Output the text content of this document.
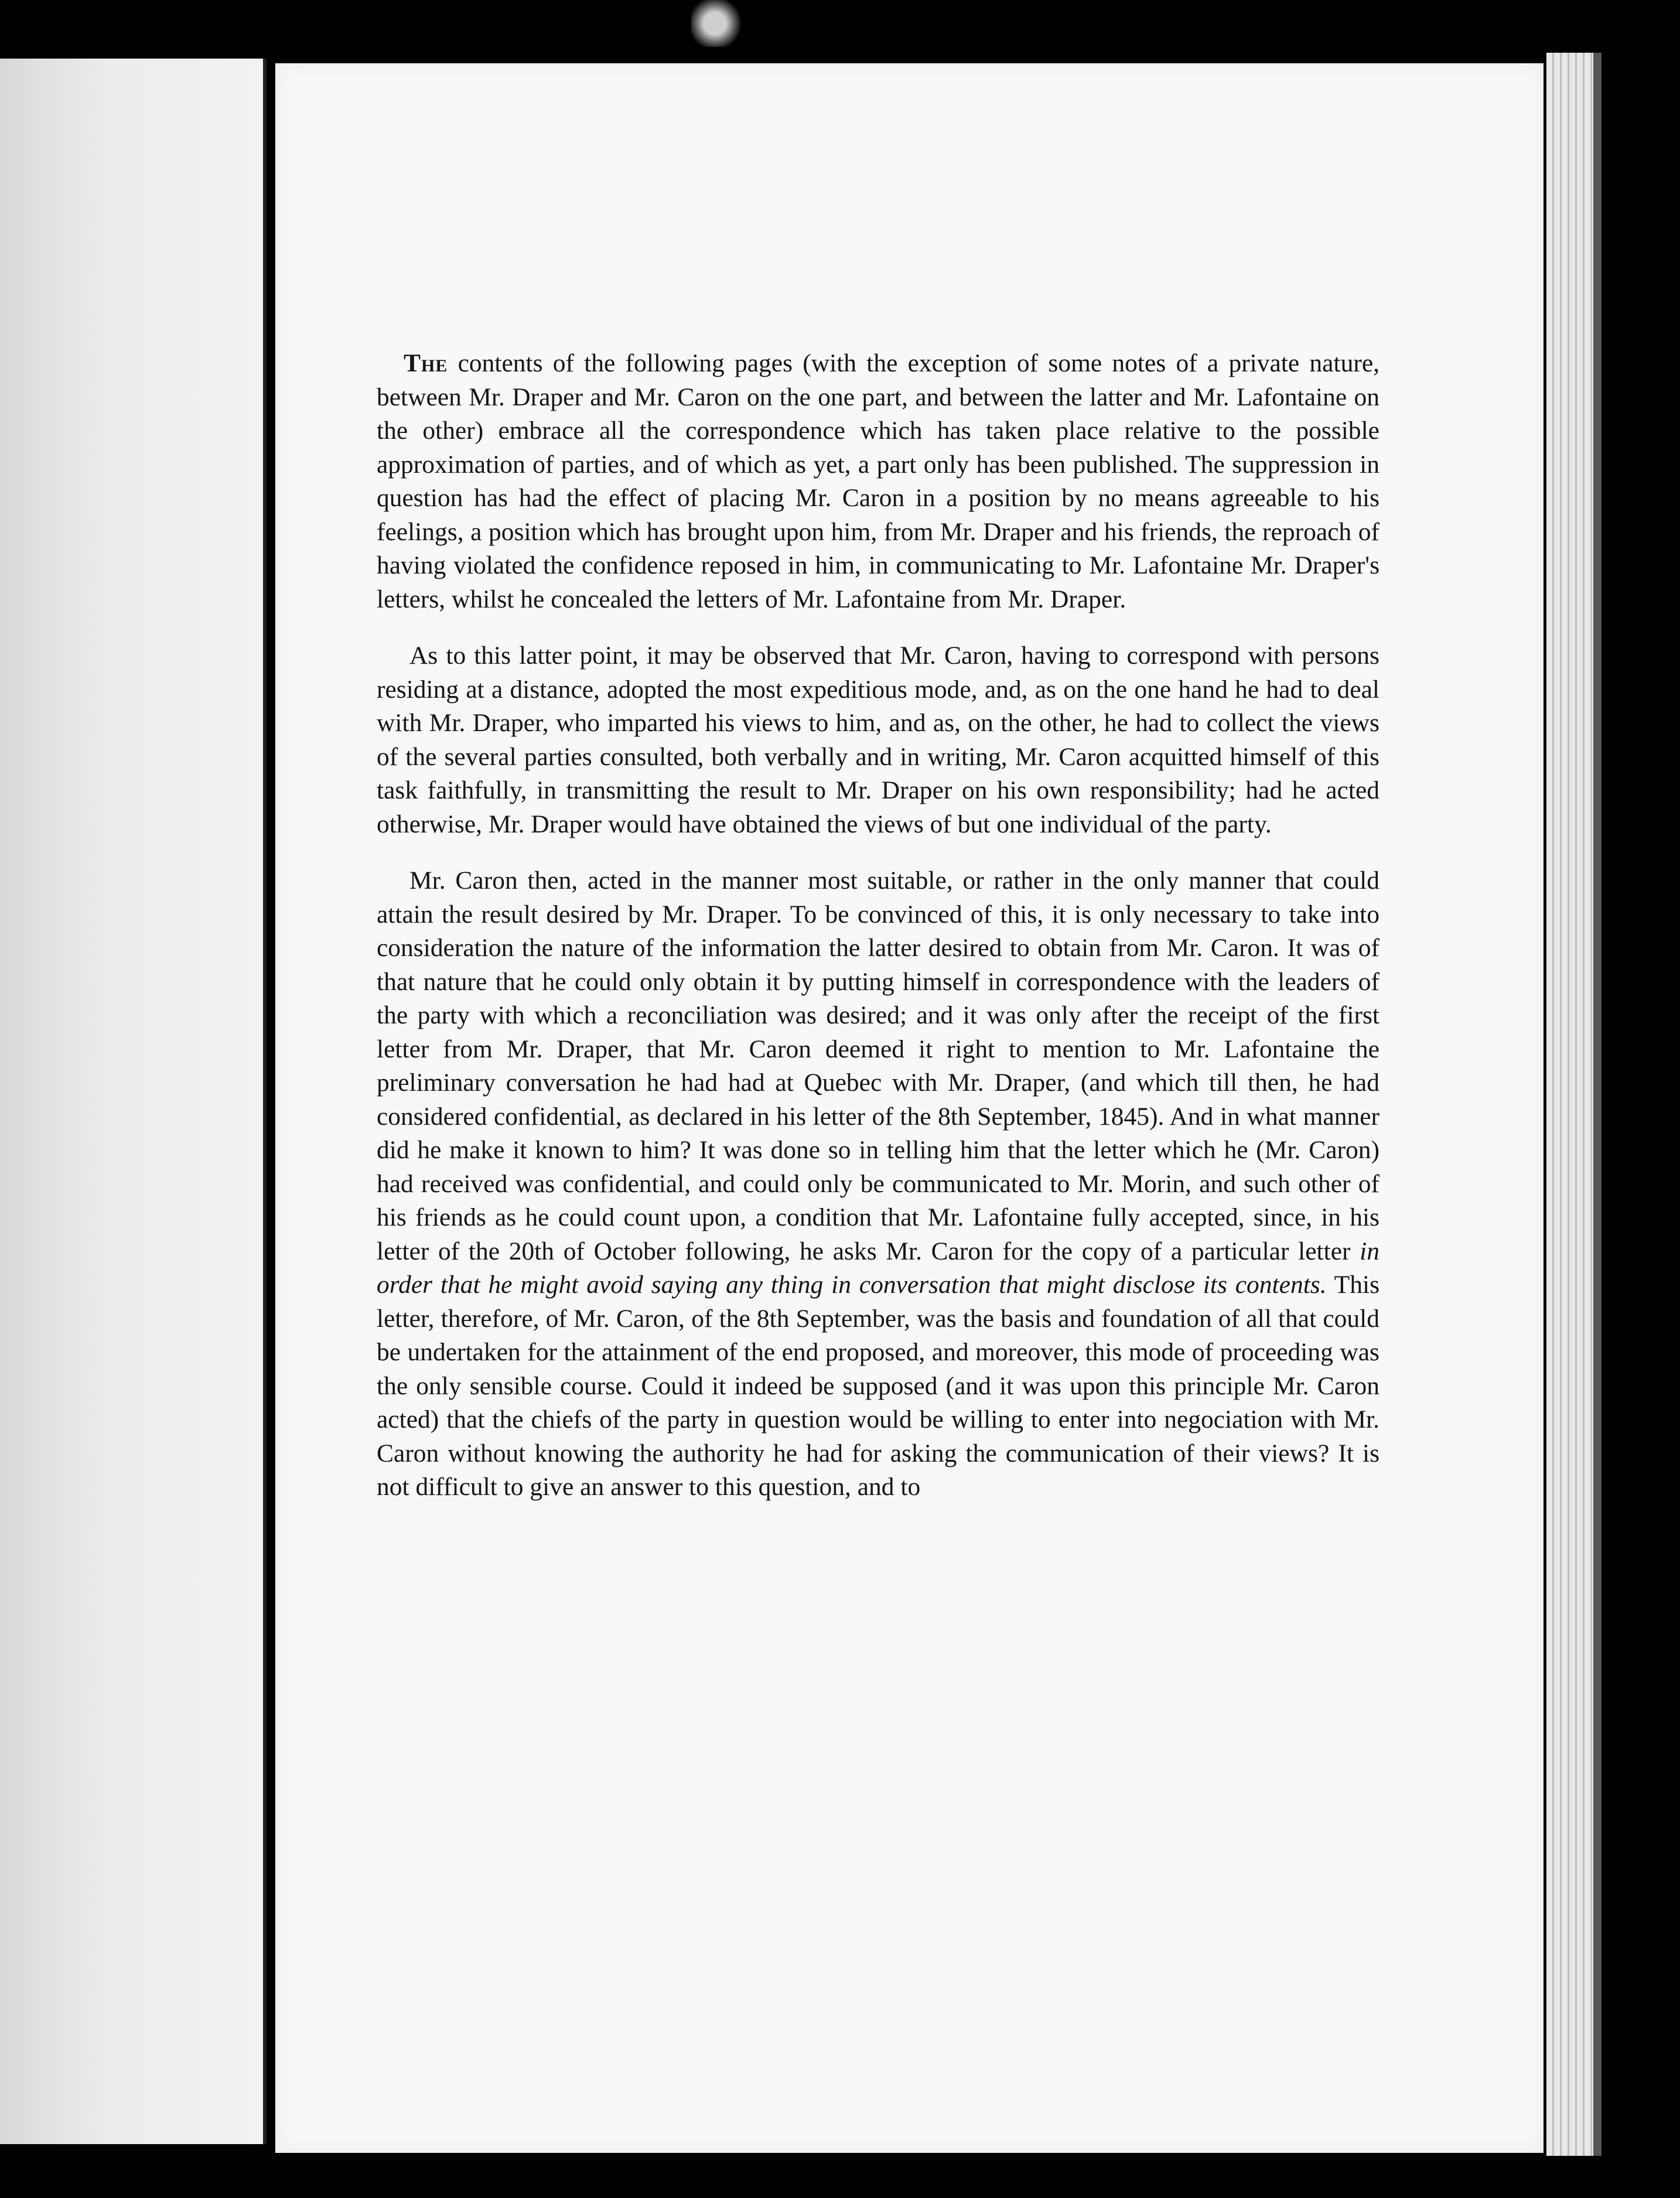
The contents of the following pages (with the exception of some notes of a private nature, between Mr. Draper and Mr. Caron on the one part, and between the latter and Mr. Lafontaine on the other) embrace all the correspondence which has taken place relative to the possible approximation of parties, and of which as yet, a part only has been published. The suppression in question has had the effect of placing Mr. Caron in a position by no means agreeable to his feelings, a position which has brought upon him, from Mr. Draper and his friends, the reproach of having violated the confidence reposed in him, in communicating to Mr. Lafontaine Mr. Draper's letters, whilst he concealed the letters of Mr. Lafontaine from Mr. Draper.

As to this latter point, it may be observed that Mr. Caron, having to correspond with persons residing at a distance, adopted the most expeditious mode, and, as on the one hand he had to deal with Mr. Draper, who imparted his views to him, and as, on the other, he had to collect the views of the several parties consulted, both verbally and in writing, Mr. Caron acquitted himself of this task faithfully, in transmitting the result to Mr. Draper on his own responsibility; had he acted otherwise, Mr. Draper would have obtained the views of but one individual of the party.

Mr. Caron then, acted in the manner most suitable, or rather in the only manner that could attain the result desired by Mr. Draper. To be convinced of this, it is only necessary to take into consideration the nature of the information the latter desired to obtain from Mr. Caron. It was of that nature that he could only obtain it by putting himself in correspondence with the leaders of the party with which a reconciliation was desired; and it was only after the receipt of the first letter from Mr. Draper, that Mr. Caron deemed it right to mention to Mr. Lafontaine the preliminary conversation he had had at Quebec with Mr. Draper, (and which till then, he had considered confidential, as declared in his letter of the 8th September, 1845). And in what manner did he make it known to him? It was done so in telling him that the letter which he (Mr. Caron) had received was confidential, and could only be communicated to Mr. Morin, and such other of his friends as he could count upon, a condition that Mr. Lafontaine fully accepted, since, in his letter of the 20th of October following, he asks Mr. Caron for the copy of a particular letter in order that he might avoid saying any thing in conversation that might disclose its contents. This letter, therefore, of Mr. Caron, of the 8th September, was the basis and foundation of all that could be undertaken for the attainment of the end proposed, and moreover, this mode of proceeding was the only sensible course. Could it indeed be supposed (and it was upon this principle Mr. Caron acted) that the chiefs of the party in question would be willing to enter into negociation with Mr. Caron without knowing the authority he had for asking the communication of their views? It is not difficult to give an answer to this question, and to
